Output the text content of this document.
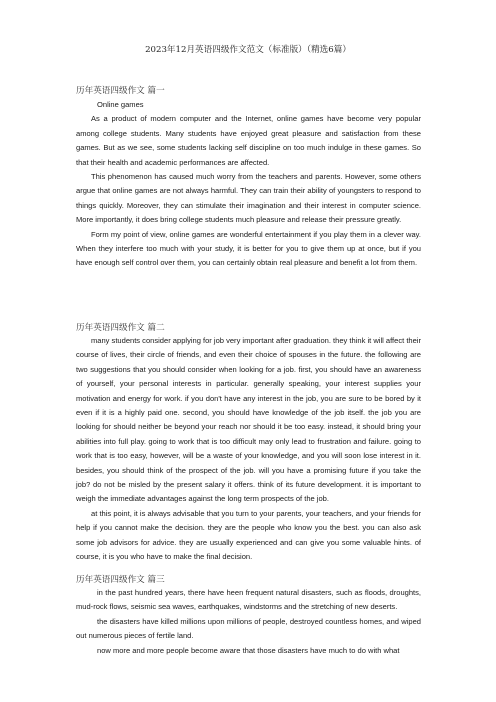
2023年12月英语四级作文范文（标准版）（精选6篇）
历年英语四级作文 篇一

Online games

As a product of modern computer and the Internet, online games have become very popular among college students. Many students have enjoyed great pleasure and satisfaction from these games. But as we see, some students lacking self discipline on too much indulge in these games. So that their health and academic performances are affected.

This phenomenon has caused much worry from the teachers and parents. However, some others argue that online games are not always harmful. They can train their ability of youngsters to respond to things quickly. Moreover, they can stimulate their imagination and their interest in computer science. More importantly, it does bring college students much pleasure and release their pressure greatly.

Form my point of view, online games are wonderful entertainment if you play them in a clever way. When they interfere too much with your study, it is better for you to give them up at once, but if you have enough self control over them, you can certainly obtain real pleasure and benefit a lot from them.

历年英语四级作文 篇二

many students consider applying for job very important after graduation. they think it will affect their course of lives, their circle of friends, and even their choice of spouses in the future. the following are two suggestions that you should consider when looking for a job. first, you should have an awareness of yourself, your personal interests in particular. generally speaking, your interest supplies your motivation and energy for work. if you don't have any interest in the job, you are sure to be bored by it even if it is a highly paid one. second, you should have knowledge of the job itself. the job you are looking for should neither be beyond your reach nor should it be too easy. instead, it should bring your abilities into full play. going to work that is too difficult may only lead to frustration and failure. going to work that is too easy, however, will be a waste of your knowledge, and you will soon lose interest in it. besides, you should think of the prospect of the job. will you have a promising future if you take the job? do not be misled by the present salary it offers. think of its future development. it is important to weigh the immediate advantages against the long term prospects of the job.

at this point, it is always advisable that you turn to your parents, your teachers, and your friends for help if you cannot make the decision. they are the people who know you the best. you can also ask some job advisors for advice. they are usually experienced and can give you some valuable hints. of course, it is you who have to make the final decision.

历年英语四级作文 篇三

in the past hundred years, there have heen frequent natural disasters, such as floods, droughts, mud-rock flows, seismic sea waves, earthquakes, windstorms and the stretching of new deserts.

the disasters have killed millions upon millions of people, destroyed countless homes, and wiped out numerous pieces of fertile land.

now more and more people become aware that those disasters have much to do with what
